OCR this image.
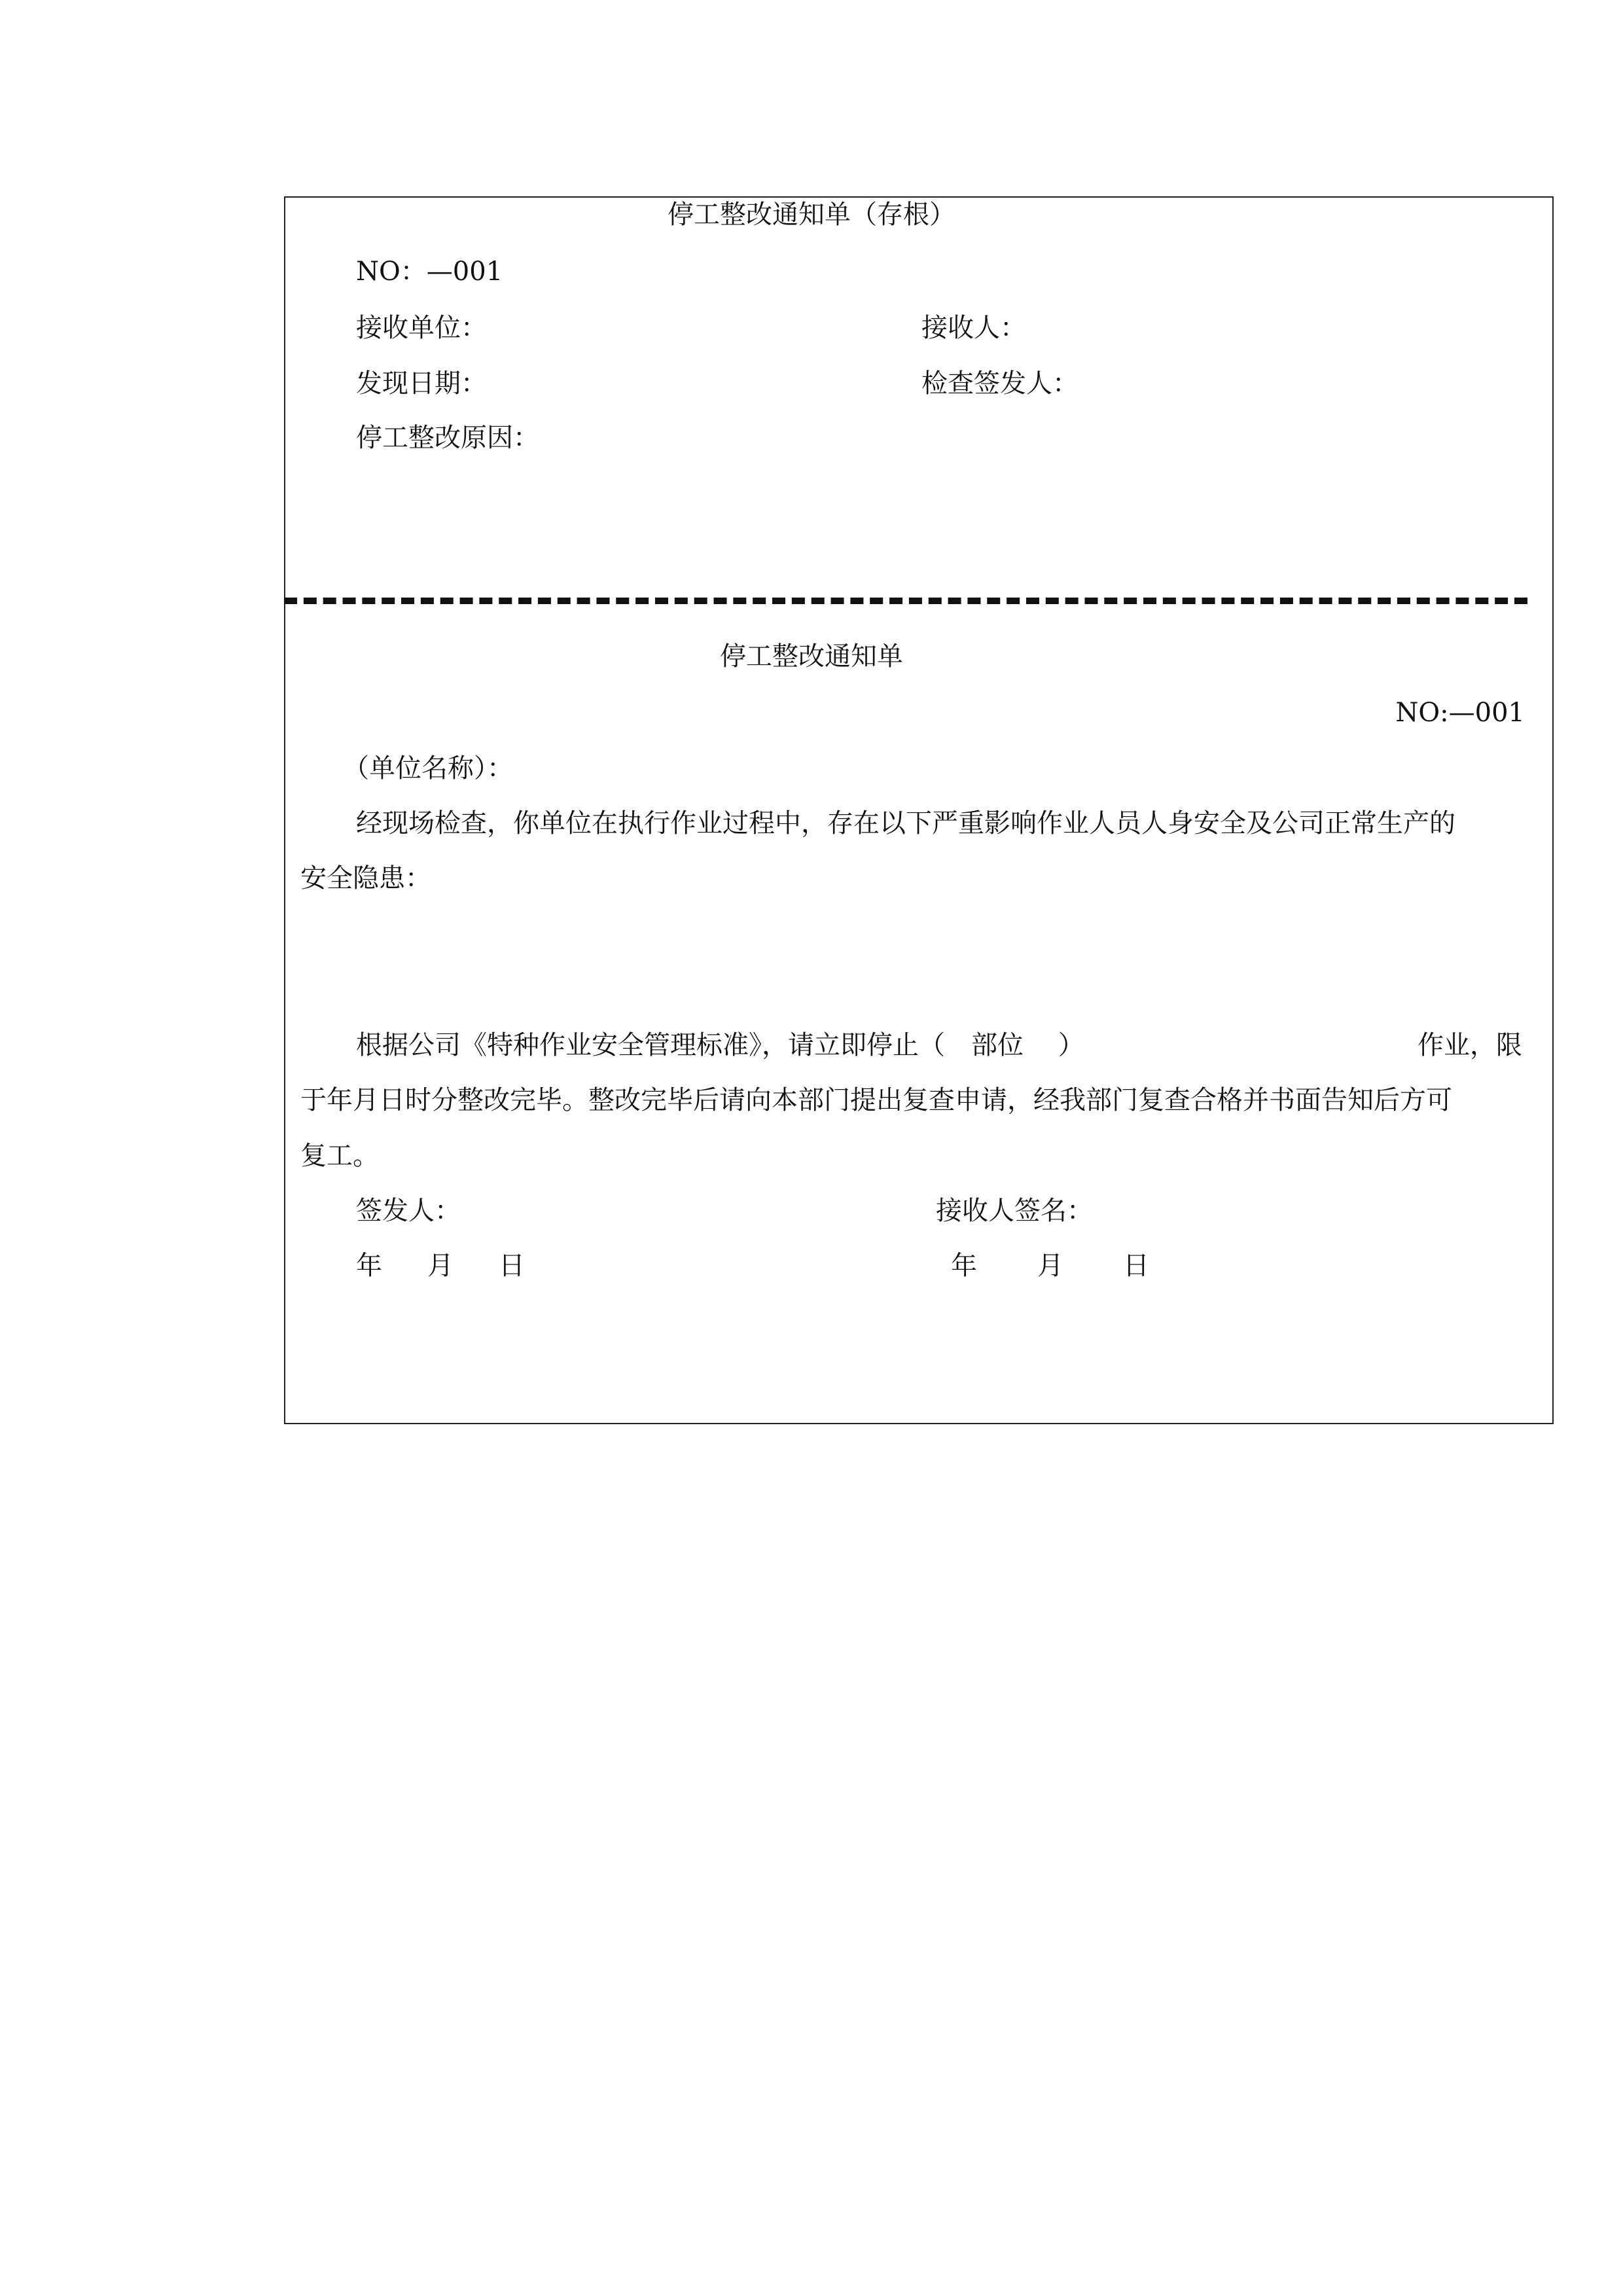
停工整改通知单（存根）
NO：—001
接收单位：	接收人：
发现日期：	检查签发人：
停工整改原因：
停工整改通知单
NO:—001
（单位名称）：
经现场检查，你单位在执行作业过程中，存在以下严重影响作业人员人身安全及公司正常生产的
安全隐患：
根据公司《特种作业安全管理标准》，请立即停止（　部位　 ）	作业，限
于年月日时分整改完毕。整改完毕后请向本部门提出复查申请，经我部门复查合格并书面告知后方可
复工。
签发人：	接收人签名：
年 月 日	年 月 日
